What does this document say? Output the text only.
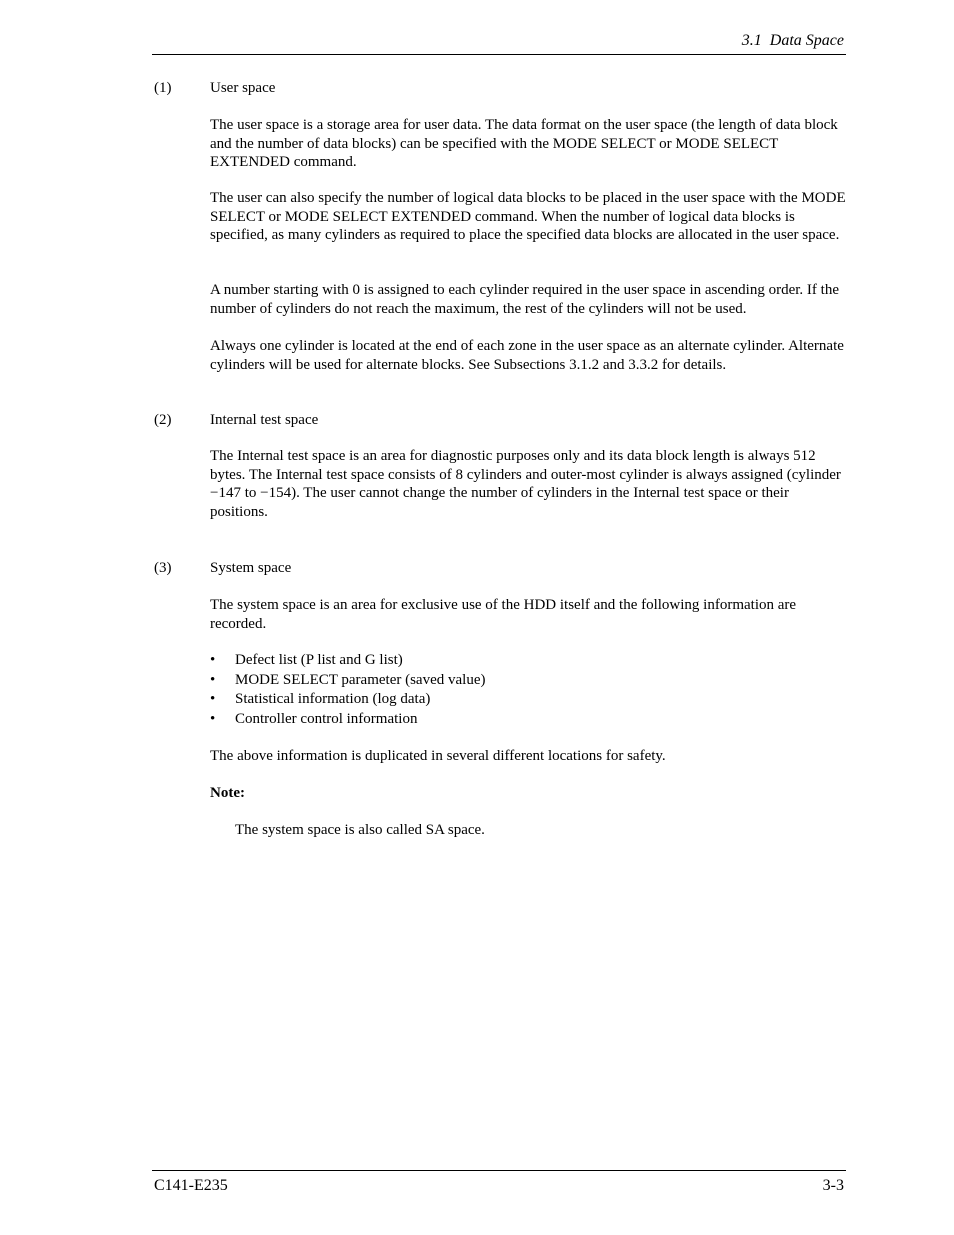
3.1  Data Space
(1)	User space

The user space is a storage area for user data. The data format on the user space (the length of data block and the number of data blocks) can be specified with the MODE SELECT or MODE SELECT EXTENDED command.

The user can also specify the number of logical data blocks to be placed in the user space with the MODE SELECT or MODE SELECT EXTENDED command. When the number of logical data blocks is specified, as many cylinders as required to place the specified data blocks are allocated in the user space.

A number starting with 0 is assigned to each cylinder required in the user space in ascending order. If the number of cylinders do not reach the maximum, the rest of the cylinders will not be used.

Always one cylinder is located at the end of each zone in the user space as an alternate cylinder. Alternate cylinders will be used for alternate blocks. See Subsections 3.1.2 and 3.3.2 for details.

(2)	Internal test space

The Internal test space is an area for diagnostic purposes only and its data block length is always 512 bytes. The Internal test space consists of 8 cylinders and outer-most cylinder is always assigned (cylinder −147 to −154). The user cannot change the number of cylinders in the Internal test space or their positions.

(3)	System space

The system space is an area for exclusive use of the HDD itself and the following information are recorded.

•	Defect list (P list and G list)
•	MODE SELECT parameter (saved value)
•	Statistical information (log data)
•	Controller control information

The above information is duplicated in several different locations for safety.

Note:
The system space is also called SA space.
C141-E235	3-3
